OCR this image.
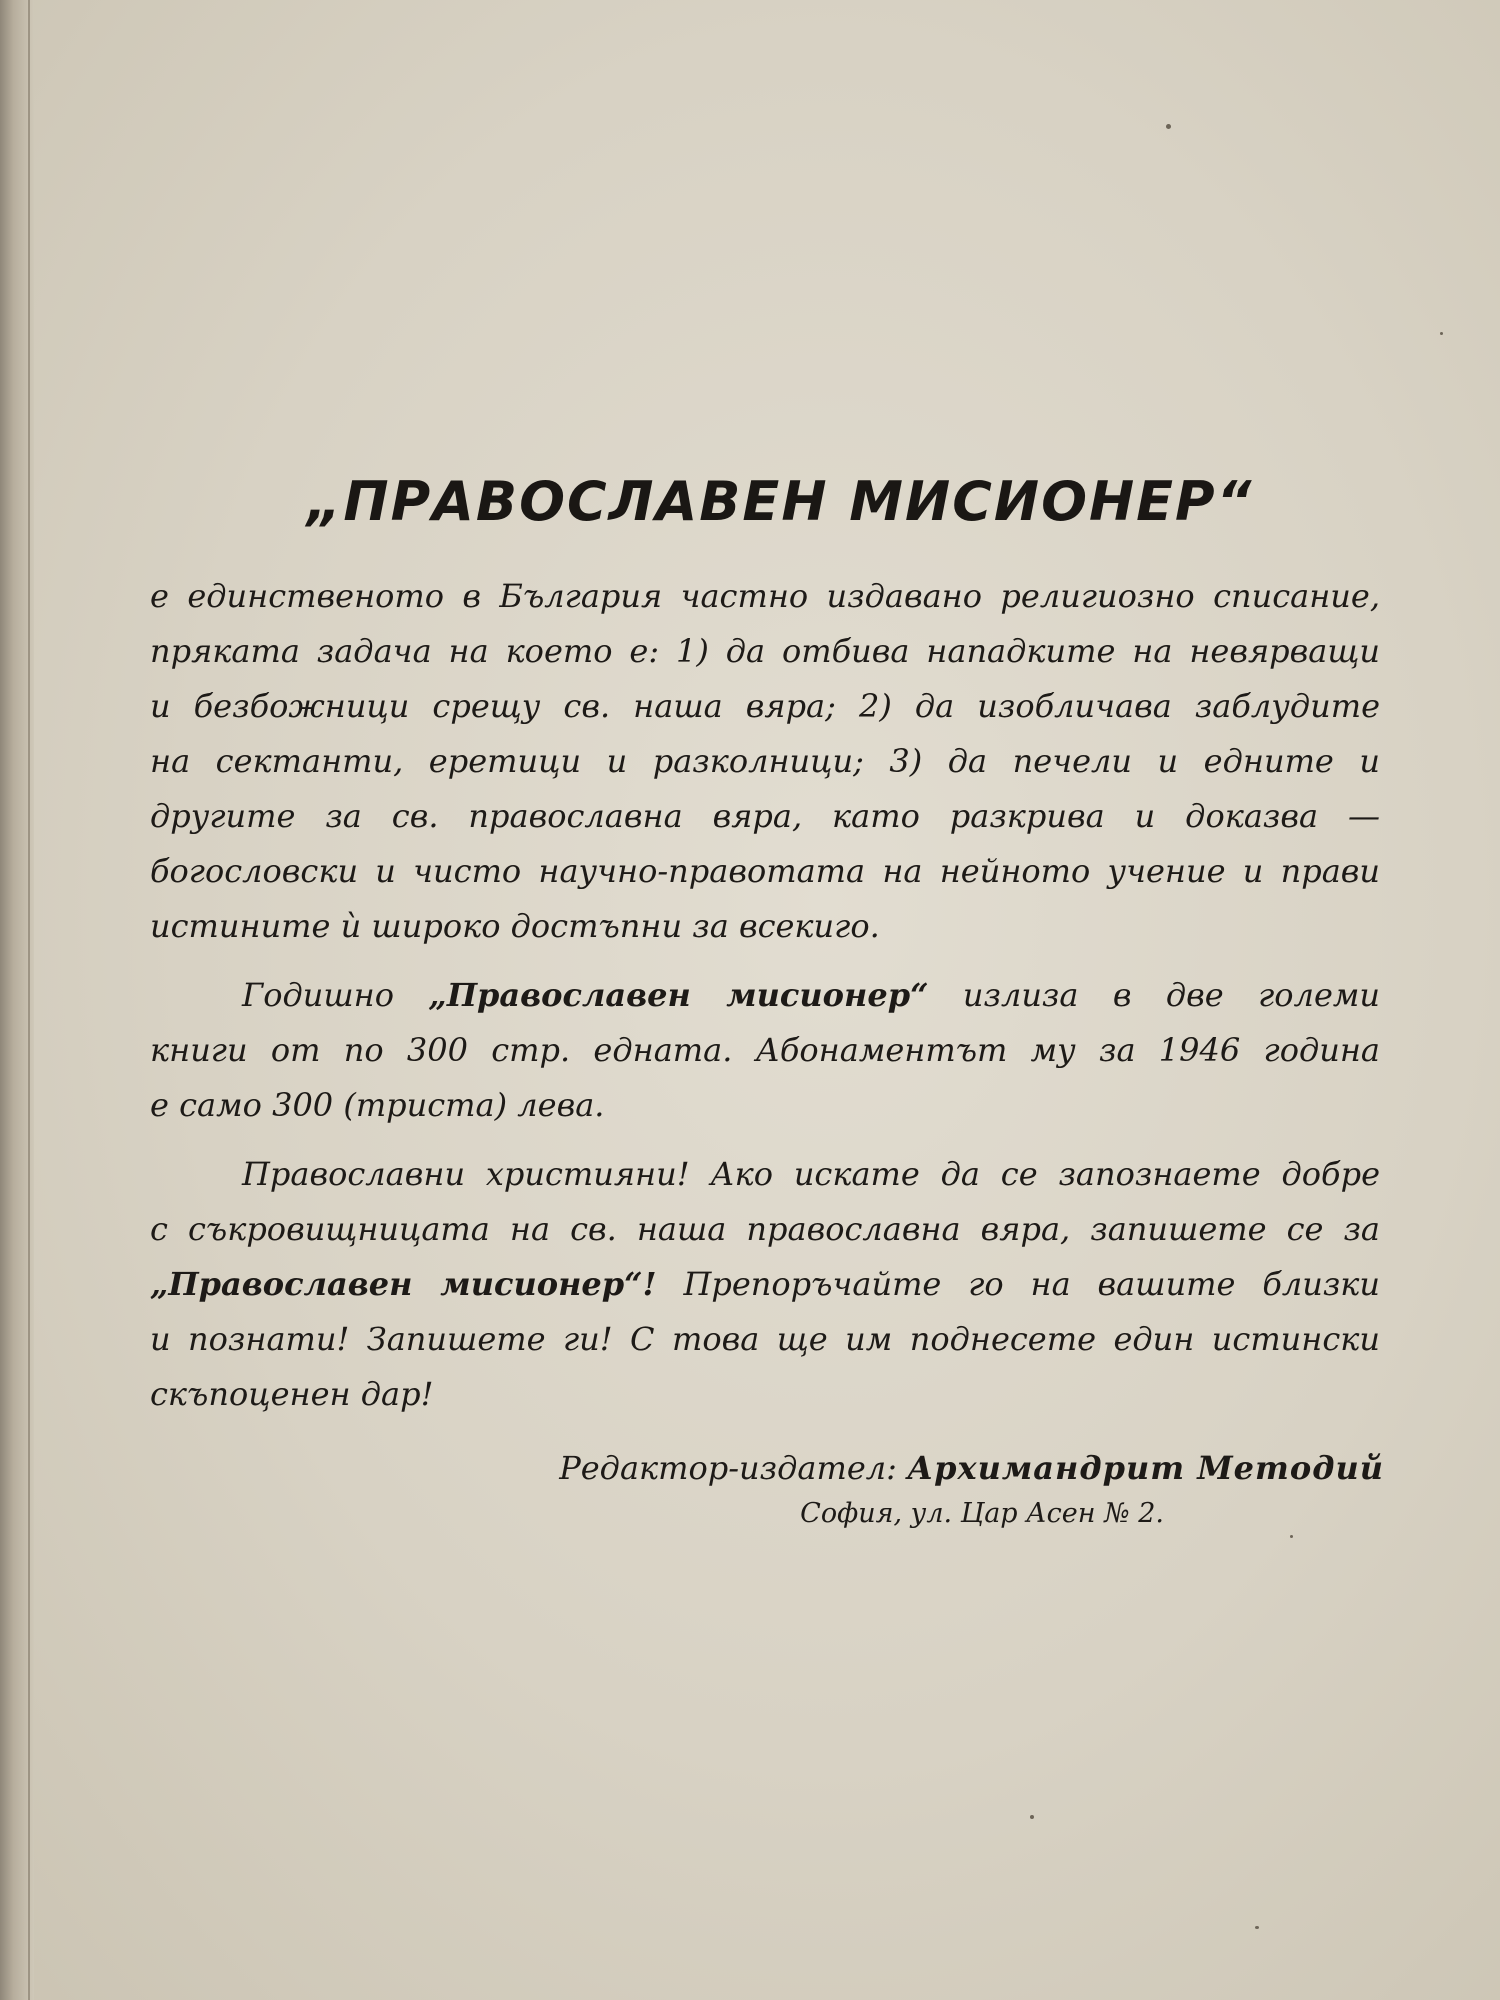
„ПРАВОСЛАВЕН МИСИОНЕР“
е единственото в България частно издавано религиозно списание,
пряката задача на което е: 1) да отбива нападките на невярващи
и безбожници срещу св. наша вяра; 2) да изобличава заблудите
на сектанти, еретици и разколници; 3) да печели и едните и
другите за св. православна вяра, като разкрива и доказва —
богословски и чисто научно-правотата на нейното учение и прави
истините ѝ широко достъпни за всекиго.
Годишно „Православен мисионер“ излиза в две големи
книги от по 300 стр. едната. Абонаментът му за 1946 година
е само 300 (триста) лева.
Православни християни! Ако искате да се запознаете добре
с съкровищницата на св. наша православна вяра, запишете се за
„Православен мисионер“! Препоръчайте го на вашите близки
и познати! Запишете ги! С това ще им поднесете един истински
скъпоценен дар!
Редактор-издател: Архимандрит Методий
София, ул. Цар Асен № 2.
